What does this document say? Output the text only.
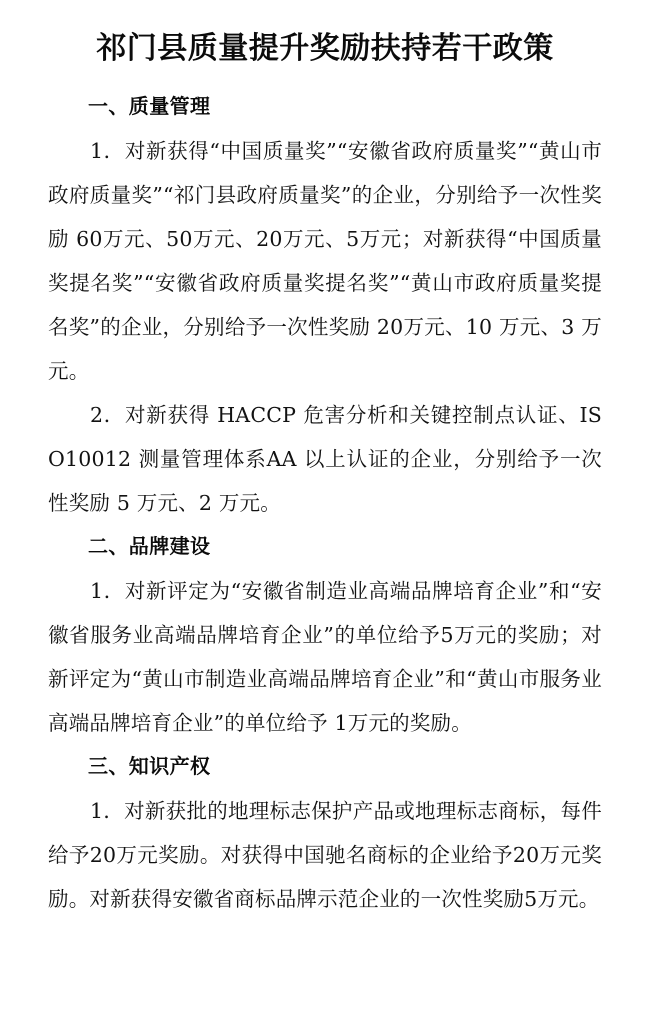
祁门县质量提升奖励扶持若干政策
一、质量管理

1．对新获得“中国质量奖”“安徽省政府质量奖”“黄山市政府质量奖”“祁门县政府质量奖”的企业，分别给予一次性奖励 60万元、50万元、20万元、5万元；对新获得“中国质量奖提名奖”“安徽省政府质量奖提名奖”“黄山市政府质量奖提名奖”的企业，分别给予一次性奖励 20万元、10 万元、3 万元。

2．对新获得 HACCP 危害分析和关键控制点认证、ISO10012 测量管理体系AA 以上认证的企业，分别给予一次性奖励 5 万元、2 万元。

二、品牌建设

1．对新评定为“安徽省制造业高端品牌培育企业”和“安徽省服务业高端品牌培育企业”的单位给予5万元的奖励；对新评定为“黄山市制造业高端品牌培育企业”和“黄山市服务业高端品牌培育企业”的单位给予 1万元的奖励。

三、知识产权

1．对新获批的地理标志保护产品或地理标志商标，每件给予20万元奖励。对获得中国驰名商标的企业给予20万元奖励。对新获得安徽省商标品牌示范企业的一次性奖励5万元。
